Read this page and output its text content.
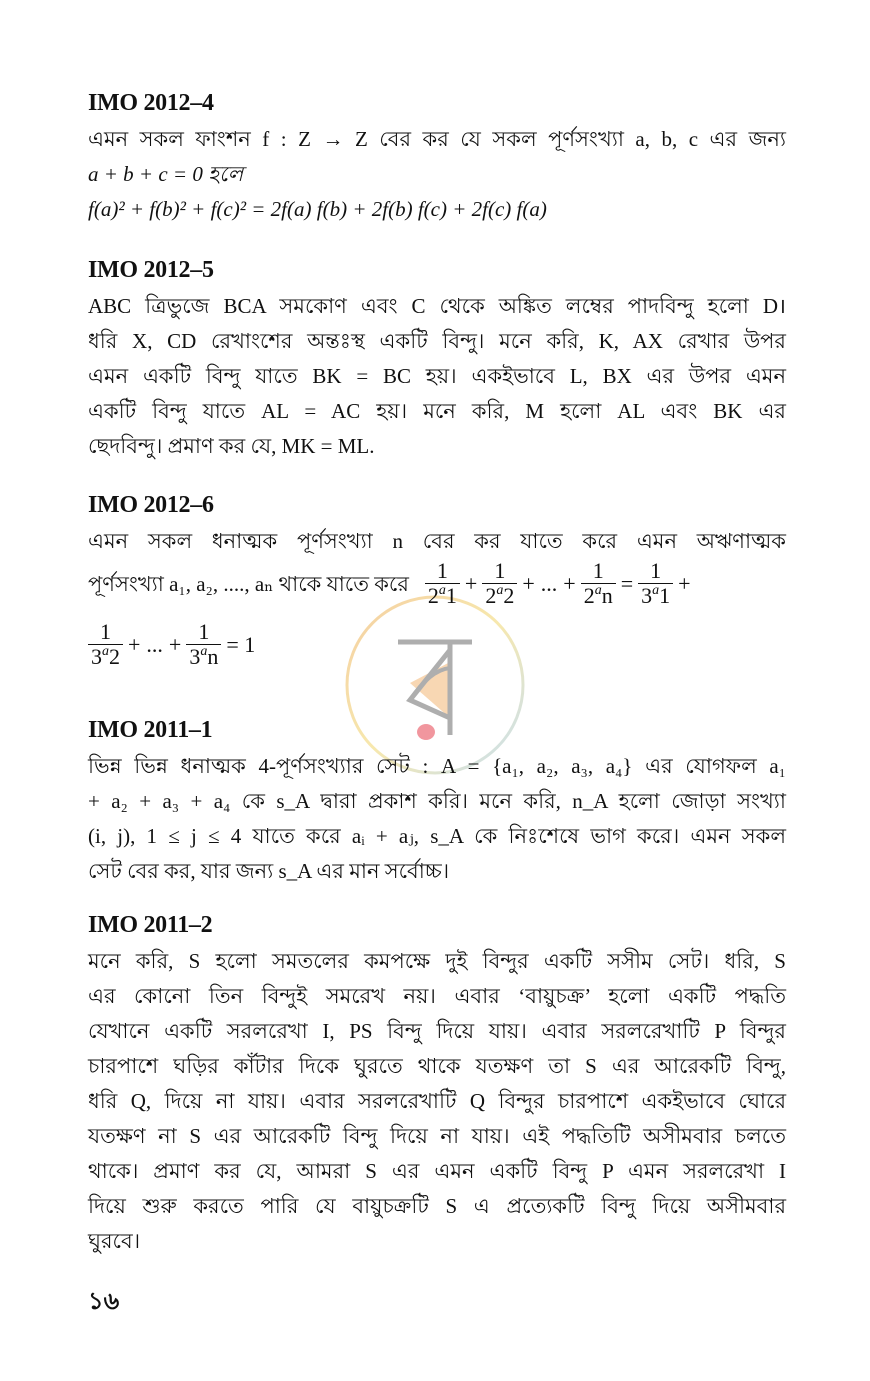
IMO 2012–4
এমন সকল ফাংশন f : Z → Z বের কর যে সকল পূর্ণসংখ্যা a, b, c এর জন্য
a + b + c = 0 হলে
f(a)² + f(b)² + f(c)² = 2f(a) f(b) + 2f(b) f(c) + 2f(c) f(a)
IMO 2012–5
ABC ত্রিভুজে BCA সমকোণ এবং C থেকে অঙ্কিত লম্বের পাদবিন্দু হলো D।
ধরি X, CD রেখাংশের অন্তঃস্থ একটি বিন্দু। মনে করি, K, AX রেখার উপর
এমন একটি বিন্দু যাতে BK = BC হয়। একইভাবে L, BX এর উপর এমন
একটি বিন্দু যাতে AL = AC হয়। মনে করি, M হলো AL এবং BK এর
ছেদবিন্দু। প্রমাণ কর যে, MK = ML.
IMO 2012–6
এমন সকল ধনাত্মক পূর্ণসংখ্যা n বের কর যাতে করে এমন অঋণাত্মক
পূর্ণসংখ্যা a₁, a₂, ...., aₙ থাকে যাতে করে $\frac{1}{2^a1} + \frac{1}{2^a2}$ + ... + $\frac{1}{2^an} = \frac{1}{3^a1}$ +
$\frac{1}{3^a2}$ + ... + $\frac{1}{3^an} = 1$
IMO 2011–1
ভিন্ন ভিন্ন ধনাত্মক 4-পূর্ণসংখ্যার সেট : A = {a₁, a₂, a₃, a₄} এর যোগফল a₁
+ a₂ + a₃ + a₄ কে s_A দ্বারা প্রকাশ করি। মনে করি, n_A হলো জোড়া সংখ্যা
(i, j), 1 ≤ j ≤ 4 যাতে করে aᵢ + aⱼ, s_A কে নিঃশেষে ভাগ করে। এমন সকল
সেট বের কর, যার জন্য s_A এর মান সর্বোচ্চ।
IMO 2011–2
মনে করি, S হলো সমতলের কমপক্ষে দুই বিন্দুর একটি সসীম সেট। ধরি, S
এর কোনো তিন বিন্দুই সমরেখ নয়। এবার ‘বায়ুচক্র’ হলো একটি পদ্ধতি
যেখানে একটি সরলরেখা I, PS বিন্দু দিয়ে যায়। এবার সরলরেখাটি P বিন্দুর
চারপাশে ঘড়ির কাঁটার দিকে ঘুরতে থাকে যতক্ষণ তা S এর আরেকটি বিন্দু,
ধরি Q, দিয়ে না যায়। এবার সরলরেখাটি Q বিন্দুর চারপাশে একইভাবে ঘোরে
যতক্ষণ না S এর আরেকটি বিন্দু দিয়ে না যায়। এই পদ্ধতিটি অসীমবার চলতে
থাকে। প্রমাণ কর যে, আমরা S এর এমন একটি বিন্দু P এমন সরলরেখা I
দিয়ে শুরু করতে পারি যে বায়ুচক্রটি S এ প্রত্যেকটি বিন্দু দিয়ে অসীমবার
ঘুরবে।
১৬
